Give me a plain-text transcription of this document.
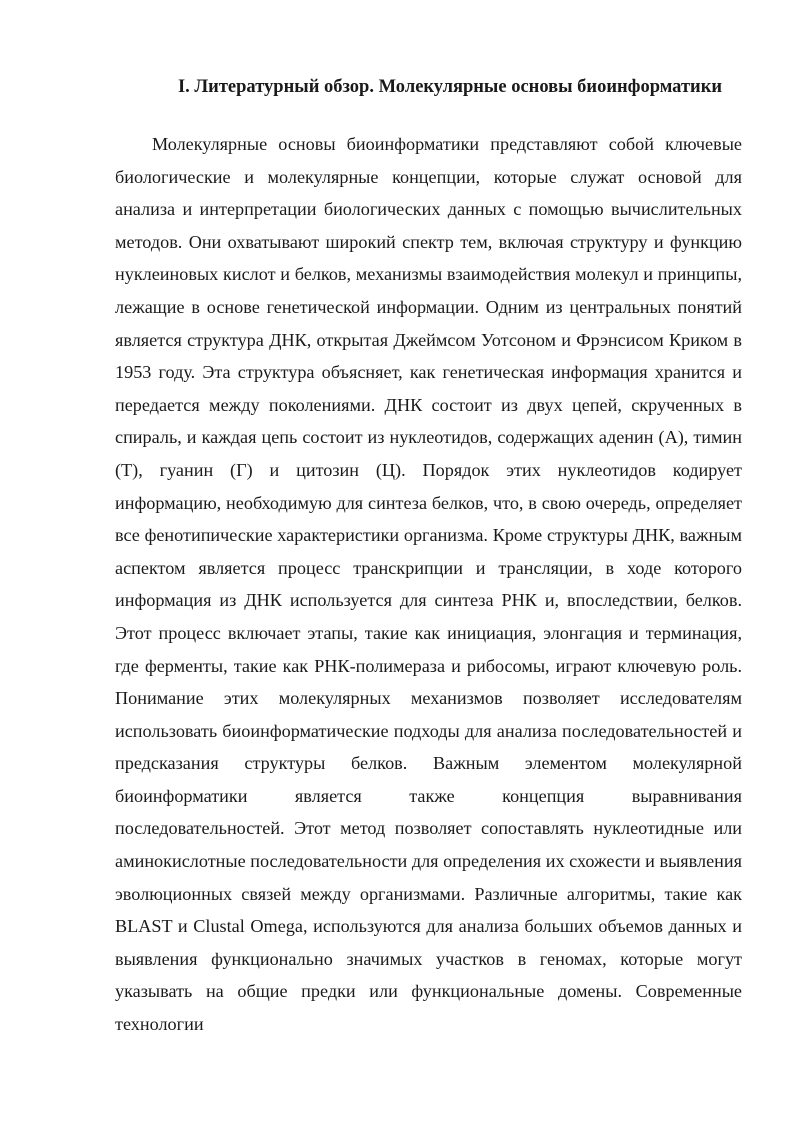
I. Литературный обзор. Молекулярные основы биоинформатики

Молекулярные основы биоинформатики представляют собой ключевые биологические и молекулярные концепции, которые служат основой для анализа и интерпретации биологических данных с помощью вычислительных методов. Они охватывают широкий спектр тем, включая структуру и функцию нуклеиновых кислот и белков, механизмы взаимодействия молекул и принципы, лежащие в основе генетической информации. Одним из центральных понятий является структура ДНК, открытая Джеймсом Уотсоном и Фрэнсисом Криком в 1953 году. Эта структура объясняет, как генетическая информация хранится и передается между поколениями. ДНК состоит из двух цепей, скрученных в спираль, и каждая цепь состоит из нуклеотидов, содержащих аденин (А), тимин (Т), гуанин (Г) и цитозин (Ц). Порядок этих нуклеотидов кодирует информацию, необходимую для синтеза белков, что, в свою очередь, определяет все фенотипические характеристики организма. Кроме структуры ДНК, важным аспектом является процесс транскрипции и трансляции, в ходе которого информация из ДНК используется для синтеза РНК и, впоследствии, белков. Этот процесс включает этапы, такие как инициация, элонгация и терминация, где ферменты, такие как РНК-полимераза и рибосомы, играют ключевую роль. Понимание этих молекулярных механизмов позволяет исследователям использовать биоинформатические подходы для анализа последовательностей и предсказания структуры белков. Важным элементом молекулярной биоинформатики является также концепция выравнивания последовательностей. Этот метод позволяет сопоставлять нуклеотидные или аминокислотные последовательности для определения их схожести и выявления эволюционных связей между организмами. Различные алгоритмы, такие как BLAST и Clustal Omega, используются для анализа больших объемов данных и выявления функционально значимых участков в геномах, которые могут указывать на общие предки или функциональные домены. Современные технологии
